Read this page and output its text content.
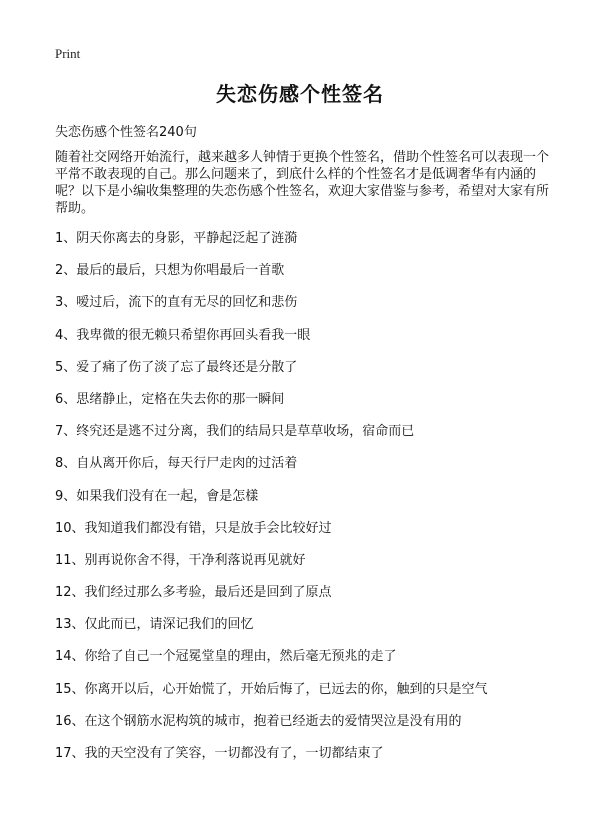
Print
失恋伤感个性签名
失恋伤感个性签名240句
随着社交网络开始流行，越来越多人钟情于更换个性签名，借助个性签名可以表现一个平常不敢表现的自己。那么问题来了，到底什么样的个性签名才是低调奢华有内涵的呢？以下是小编收集整理的失恋伤感个性签名，欢迎大家借鉴与参考，希望对大家有所帮助。
1、阴天你离去的身影，平静起泛起了涟漪
2、最后的最后，只想为你唱最后一首歌
3、嗳过后，流下的直有无尽的回忆和悲伤
4、我卑微的很无赖只希望你再回头看我一眼
5、爱了痛了伤了淡了忘了最终还是分散了
6、思绪静止，定格在失去你的那一瞬间
7、终究还是逃不过分离，我们的结局只是草草收场，宿命而已
8、自从离开你后，每天行尸走肉的过活着
9、如果我们没有在一起，會是怎樣
10、我知道我们都没有错，只是放手会比较好过
11、别再说你舍不得，干净利落说再见就好
12、我们经过那么多考验，最后还是回到了原点
13、仅此而已，请深记我们的回忆
14、你给了自己一个冠冕堂皇的理由，然后毫无预兆的走了
15、你离开以后，心开始慌了，开始后悔了，已远去的你，触到的只是空气
16、在这个钢筋水泥构筑的城市，抱着已经逝去的爱情哭泣是没有用的
17、我的天空没有了笑容，一切都没有了，一切都结束了
